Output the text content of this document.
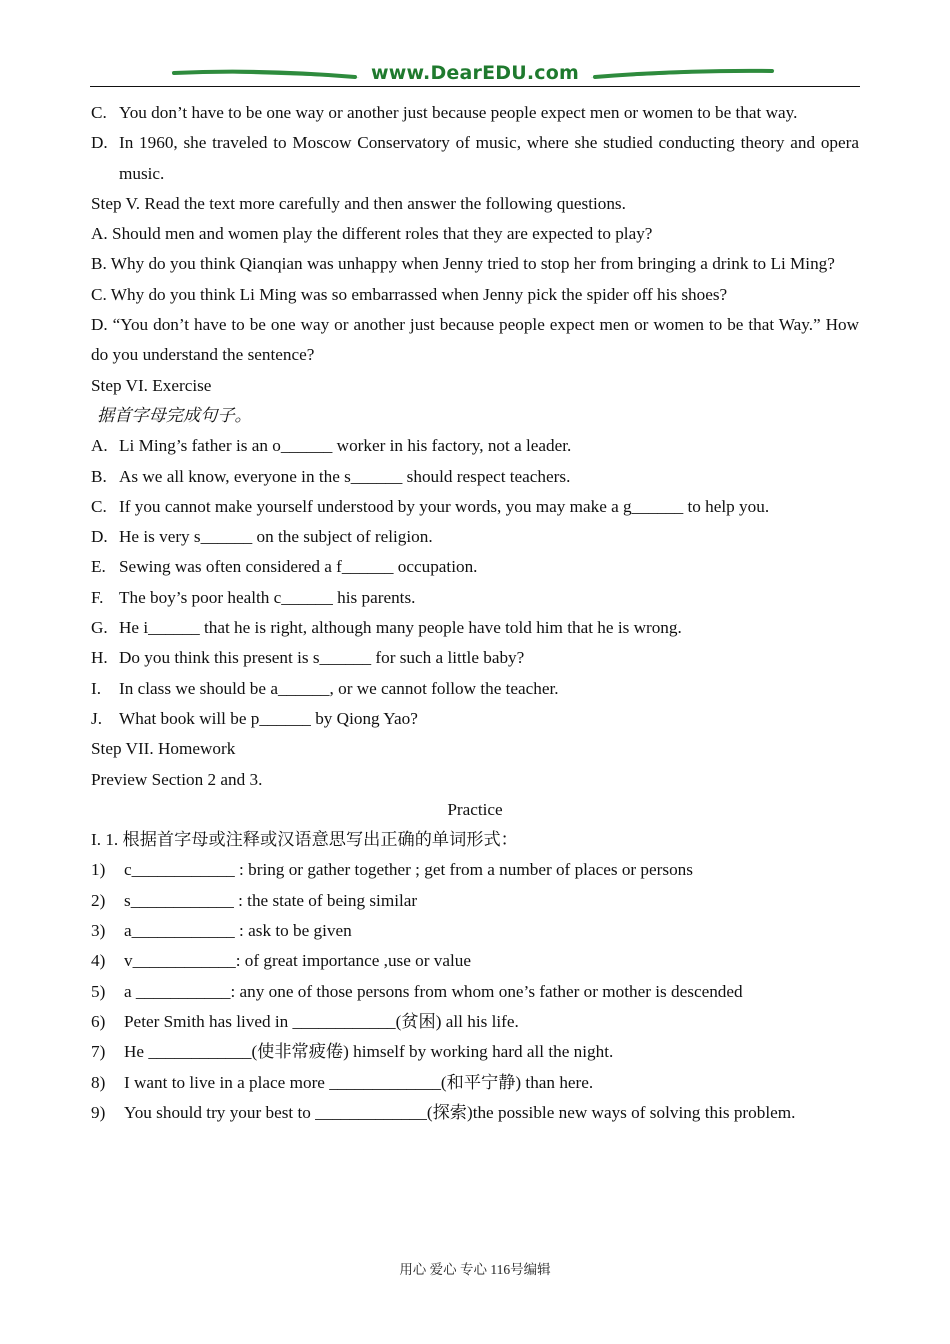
www.DearEDU.com
C. You don’t have to be one way or another just because people expect men or women to be that way.
D. In 1960, she traveled to Moscow Conservatory of music, where she studied conducting theory and opera music.

Step V. Read the text more carefully and then answer the following questions.

A. Should men and women play the different roles that they are expected to play?

B. Why do you think Qianqian was unhappy when Jenny tried to stop her from bringing a drink to Li Ming?

C. Why do you think Li Ming was so embarrassed when Jenny pick the spider off his shoes?

D. “You don’t have to be one way or another just because people expect men or women to be that Way.” How do you understand the sentence?

Step VI. Exercise

据首字母完成句子。

A. Li Ming’s father is an o______ worker in his factory, not a leader.
B. As we all know, everyone in the s______ should respect teachers.
C. If you cannot make yourself understood by your words, you may make a g______ to help you.
D. He is very s______ on the subject of religion.
E. Sewing was often considered a f______ occupation.
F. The boy’s poor health c______ his parents.
G. He i______ that he is right, although many people have told him that he is wrong.
H. Do you think this present is s______ for such a little baby?
I.	In class we should be a______, or we cannot follow the teacher.
J. What book will be p______ by Qiong Yao?

Step VII. Homework

Preview Section 2 and 3.

Practice

I. 1. 根据首字母或注释或汉语意思写出正确的单词形式：

1)	c____________ : bring or gather together ; get from a number of places or persons
2)	s____________ : the state of being similar
3)	a____________ : ask to be given
4)	v____________: of great importance ,use or value
5)	a ___________: any one of those persons from whom one’s father or mother is descended
6)	Peter Smith has lived in ____________(贫困) all his life.
7)	He ____________(使非常疲倦) himself by working hard all the night.
8)	I want to live in a place more _____________(和平宁静) than here.
9)	You should try your best to _____________(探索)the possible new ways of solving this problem.
用心 爱心 专心 116号编辑
